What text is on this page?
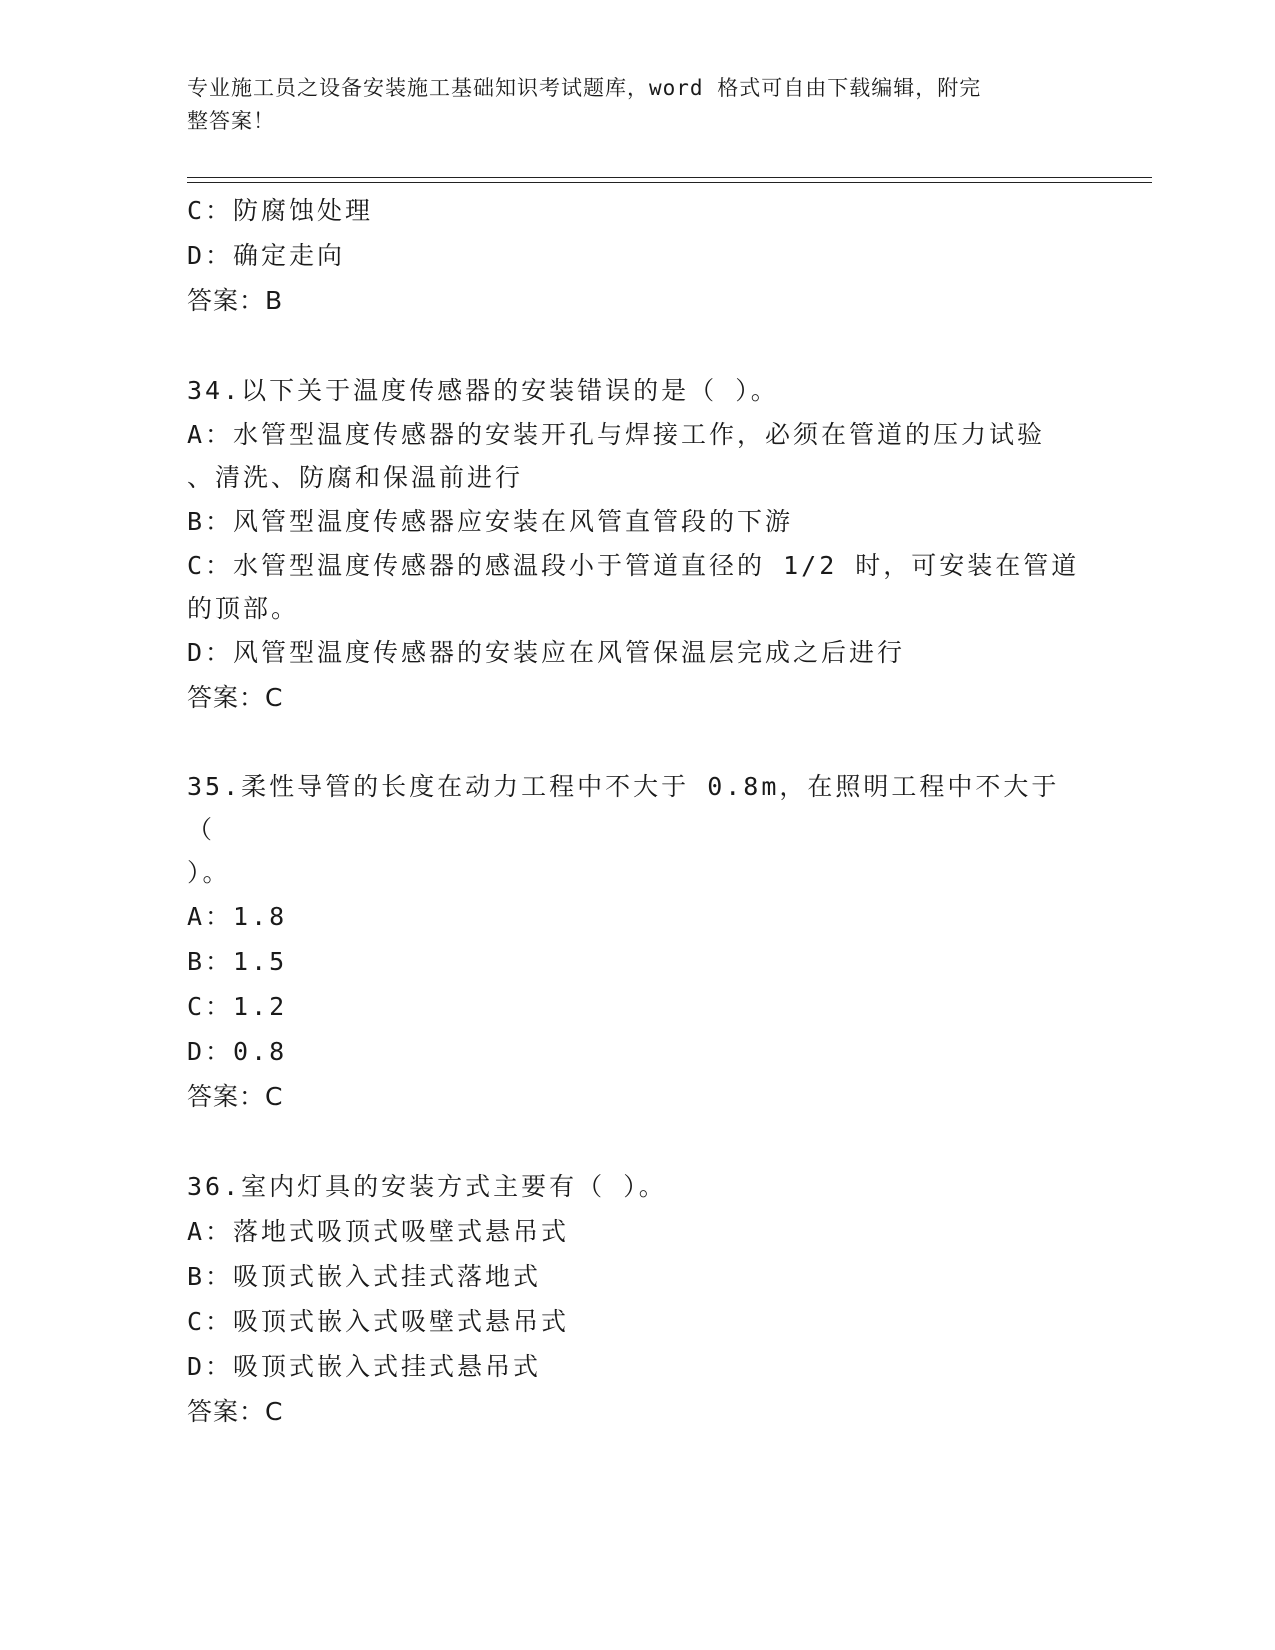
专业施工员之设备安装施工基础知识考试题库，word 格式可自由下载编辑，附完
整答案！
C：防腐蚀处理
D：确定走向
答案：B
34.以下关于温度传感器的安装错误的是（ ）。
A：水管型温度传感器的安装开孔与焊接工作，必须在管道的压力试验
、清洗、防腐和保温前进行
B：风管型温度传感器应安装在风管直管段的下游
C：水管型温度传感器的感温段小于管道直径的 1/2 时，可安装在管道
的顶部。
D：风管型温度传感器的安装应在风管保温层完成之后进行
答案：C
35.柔性导管的长度在动力工程中不大于 0.8m，在照明工程中不大于（
）。
A：1.8
B：1.5
C：1.2
D：0.8
答案：C
36.室内灯具的安装方式主要有（ ）。
A：落地式吸顶式吸壁式悬吊式
B：吸顶式嵌入式挂式落地式
C：吸顶式嵌入式吸壁式悬吊式
D：吸顶式嵌入式挂式悬吊式
答案：C
